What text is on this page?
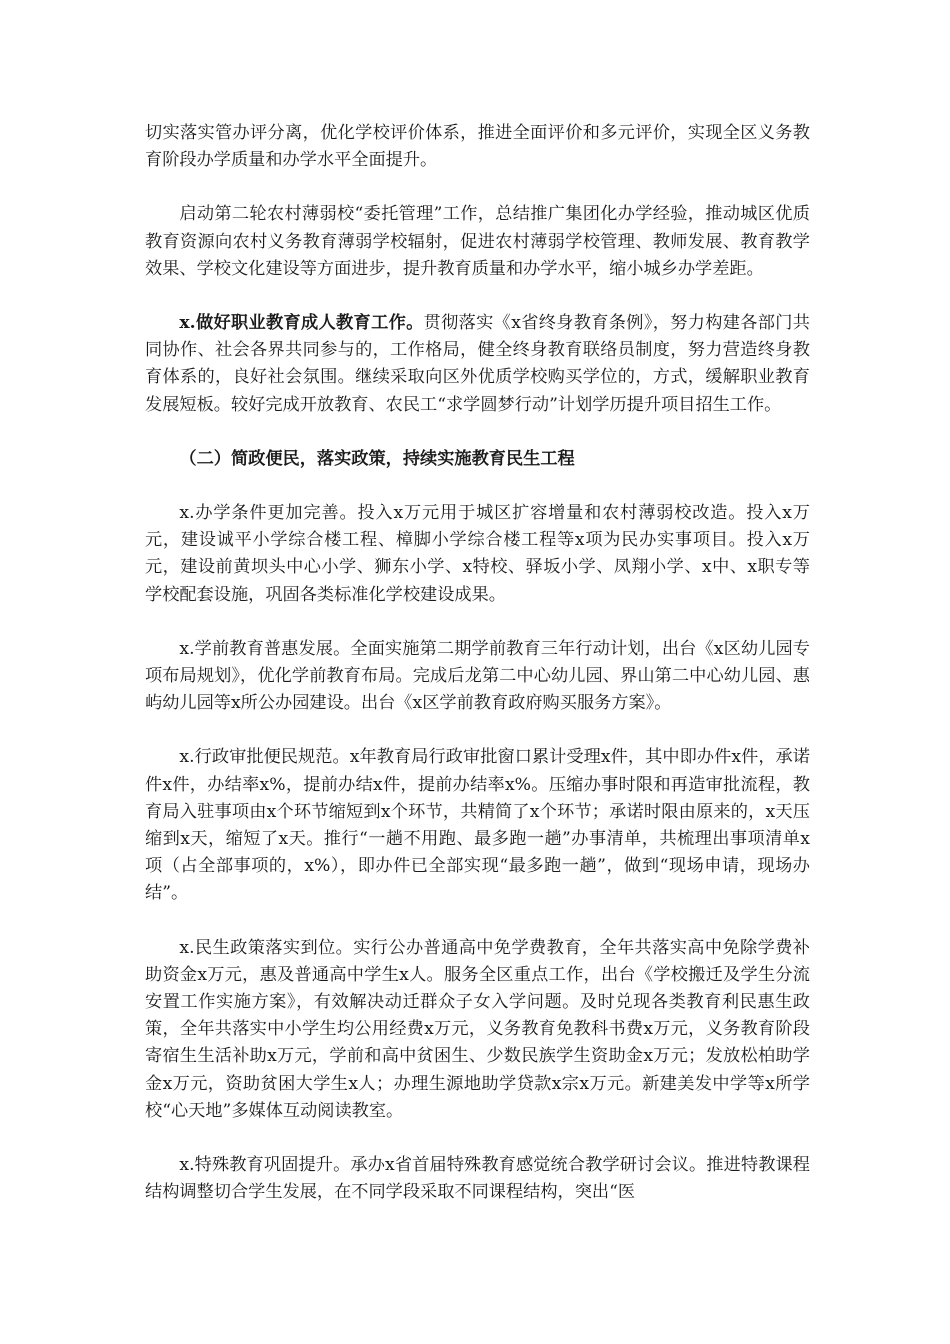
切实落实管办评分离，优化学校评价体系，推进全面评价和多元评价，实现全区义务教育阶段办学质量和办学水平全面提升。

启动第二轮农村薄弱校“委托管理”工作，总结推广集团化办学经验，推动城区优质教育资源向农村义务教育薄弱学校辐射，促进农村薄弱学校管理、教师发展、教育教学效果、学校文化建设等方面进步，提升教育质量和办学水平，缩小城乡办学差距。

x.做好职业教育成人教育工作。贯彻落实《x省终身教育条例》，努力构建各部门共同协作、社会各界共同参与的，工作格局，健全终身教育联络员制度，努力营造终身教育体系的，良好社会氛围。继续采取向区外优质学校购买学位的，方式，缓解职业教育发展短板。较好完成开放教育、农民工“求学圆梦行动”计划学历提升项目招生工作。

（二）简政便民，落实政策，持续实施教育民生工程

x.办学条件更加完善。投入x万元用于城区扩容增量和农村薄弱校改造。投入x万元，建设诚平小学综合楼工程、樟脚小学综合楼工程等x项为民办实事项目。投入x万元，建设前黄坝头中心小学、狮东小学、x特校、驿坂小学、凤翔小学、x中、x职专等学校配套设施，巩固各类标准化学校建设成果。

x.学前教育普惠发展。全面实施第二期学前教育三年行动计划，出台《x区幼儿园专项布局规划》，优化学前教育布局。完成后龙第二中心幼儿园、界山第二中心幼儿园、惠屿幼儿园等x所公办园建设。出台《x区学前教育政府购买服务方案》。

x.行政审批便民规范。x年教育局行政审批窗口累计受理x件，其中即办件x件，承诺件x件，办结率x%，提前办结x件，提前办结率x%。压缩办事时限和再造审批流程，教育局入驻事项由x个环节缩短到x个环节，共精简了x个环节；承诺时限由原来的，x天压缩到x天，缩短了x天。推行“一趟不用跑、最多跑一趟”办事清单，共梳理出事项清单x项（占全部事项的，x%），即办件已全部实现“最多跑一趟”，做到“现场申请，现场办结”。

x.民生政策落实到位。实行公办普通高中免学费教育，全年共落实高中免除学费补助资金x万元，惠及普通高中学生x人。服务全区重点工作，出台《学校搬迁及学生分流安置工作实施方案》，有效解决动迁群众子女入学问题。及时兑现各类教育利民惠生政策，全年共落实中小学生均公用经费x万元，义务教育免教科书费x万元，义务教育阶段寄宿生生活补助x万元，学前和高中贫困生、少数民族学生资助金x万元；发放松柏助学金x万元，资助贫困大学生x人；办理生源地助学贷款x宗x万元。新建美发中学等x所学校“心天地”多媒体互动阅读教室。

x.特殊教育巩固提升。承办x省首届特殊教育感觉统合教学研讨会议。推进特教课程结构调整切合学生发展，在不同学段采取不同课程结构，突出“医
